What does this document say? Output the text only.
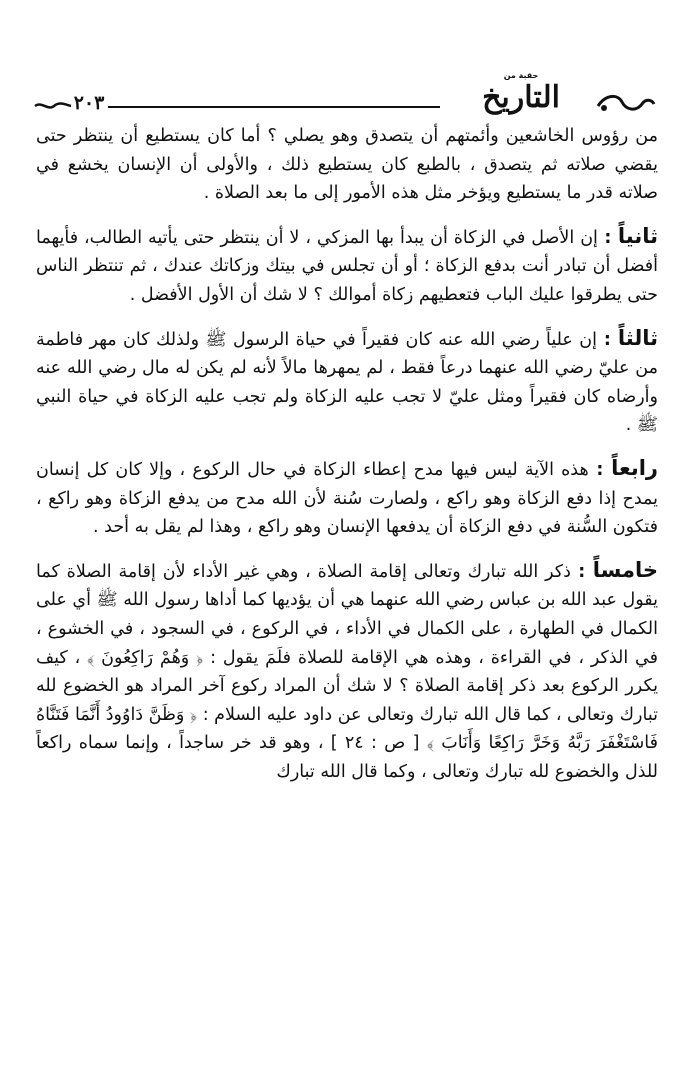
حقبة من
التاريخ
٢٠٣

من رؤوس الخاشعين وأئمتهم أن يتصدق وهو يصلي ؟ أما كان يستطيع أن ينتظر حتى يقضي صلاته ثم يتصدق ، بالطبع كان يستطيع ذلك ، والأولى أن الإنسان يخشع في صلاته قدر ما يستطيع ويؤخر مثل هذه الأمور إلى ما بعد الصلاة .

ثانياً : إن الأصل في الزكاة أن يبدأ بها المزكي ، لا أن ينتظر حتى يأتيه الطالب، فأيهما أفضل أن تبادر أنت بدفع الزكاة ؛ أو أن تجلس في بيتك وزكاتك عندك ، ثم تنتظر الناس حتى يطرقوا عليك الباب فتعطيهم زكاة أموالك ؟ لا شك أن الأول الأفضل .

ثالثاً : إن علياً رضي الله عنه كان فقيراً في حياة الرسول ﷺ ولذلك كان مهر فاطمة من عليّ رضي الله عنهما درعاً فقط ، لم يمهرها مالاً لأنه لم يكن له مال رضي الله عنه وأرضاه كان فقيراً ومثل عليّ لا تجب عليه الزكاة ولم تجب عليه الزكاة في حياة النبي ﷺ .

رابعاً : هذه الآية ليس فيها مدح إعطاء الزكاة في حال الركوع ، وإلا كان كل إنسان يمدح إذا دفع الزكاة وهو راكع ، ولصارت سُنة لأن الله مدح من يدفع الزكاة وهو راكع ، فتكون السُّنة في دفع الزكاة أن يدفعها الإنسان وهو راكع ، وهذا لم يقل به أحد .

خامساً : ذكر الله تبارك وتعالى إقامة الصلاة ، وهي غير الأداء لأن إقامة الصلاة كما يقول عبد الله بن عباس رضي الله عنهما هي أن يؤديها كما أداها رسول الله ﷺ أي على الكمال في الطهارة ، على الكمال في الأداء ، في الركوع ، في السجود ، في الخشوع ، في الذكر ، في القراءة ، وهذه هي الإقامة للصلاة فلَمَ يقول : ﴿ وَهُمْ رَاكِعُونَ ﴾ ، كيف يكرر الركوع بعد ذكر إقامة الصلاة ؟ لا شك أن المراد ركوع آخر المراد هو الخضوع لله تبارك وتعالى ، كما قال الله تبارك وتعالى عن داود عليه السلام : ﴿ وَظَنَّ دَاوُودُ أَنَّمَا فَتَنَّاهُ فَاسْتَغْفَرَ رَبَّهُ وَخَرَّ رَاكِعًا وَأَنَابَ ﴾ [ ص : ٢٤ ] ، وهو قد خر ساجداً ، وإنما سماه راكعاً للذل والخضوع لله تبارك وتعالى ، وكما قال الله تبارك
